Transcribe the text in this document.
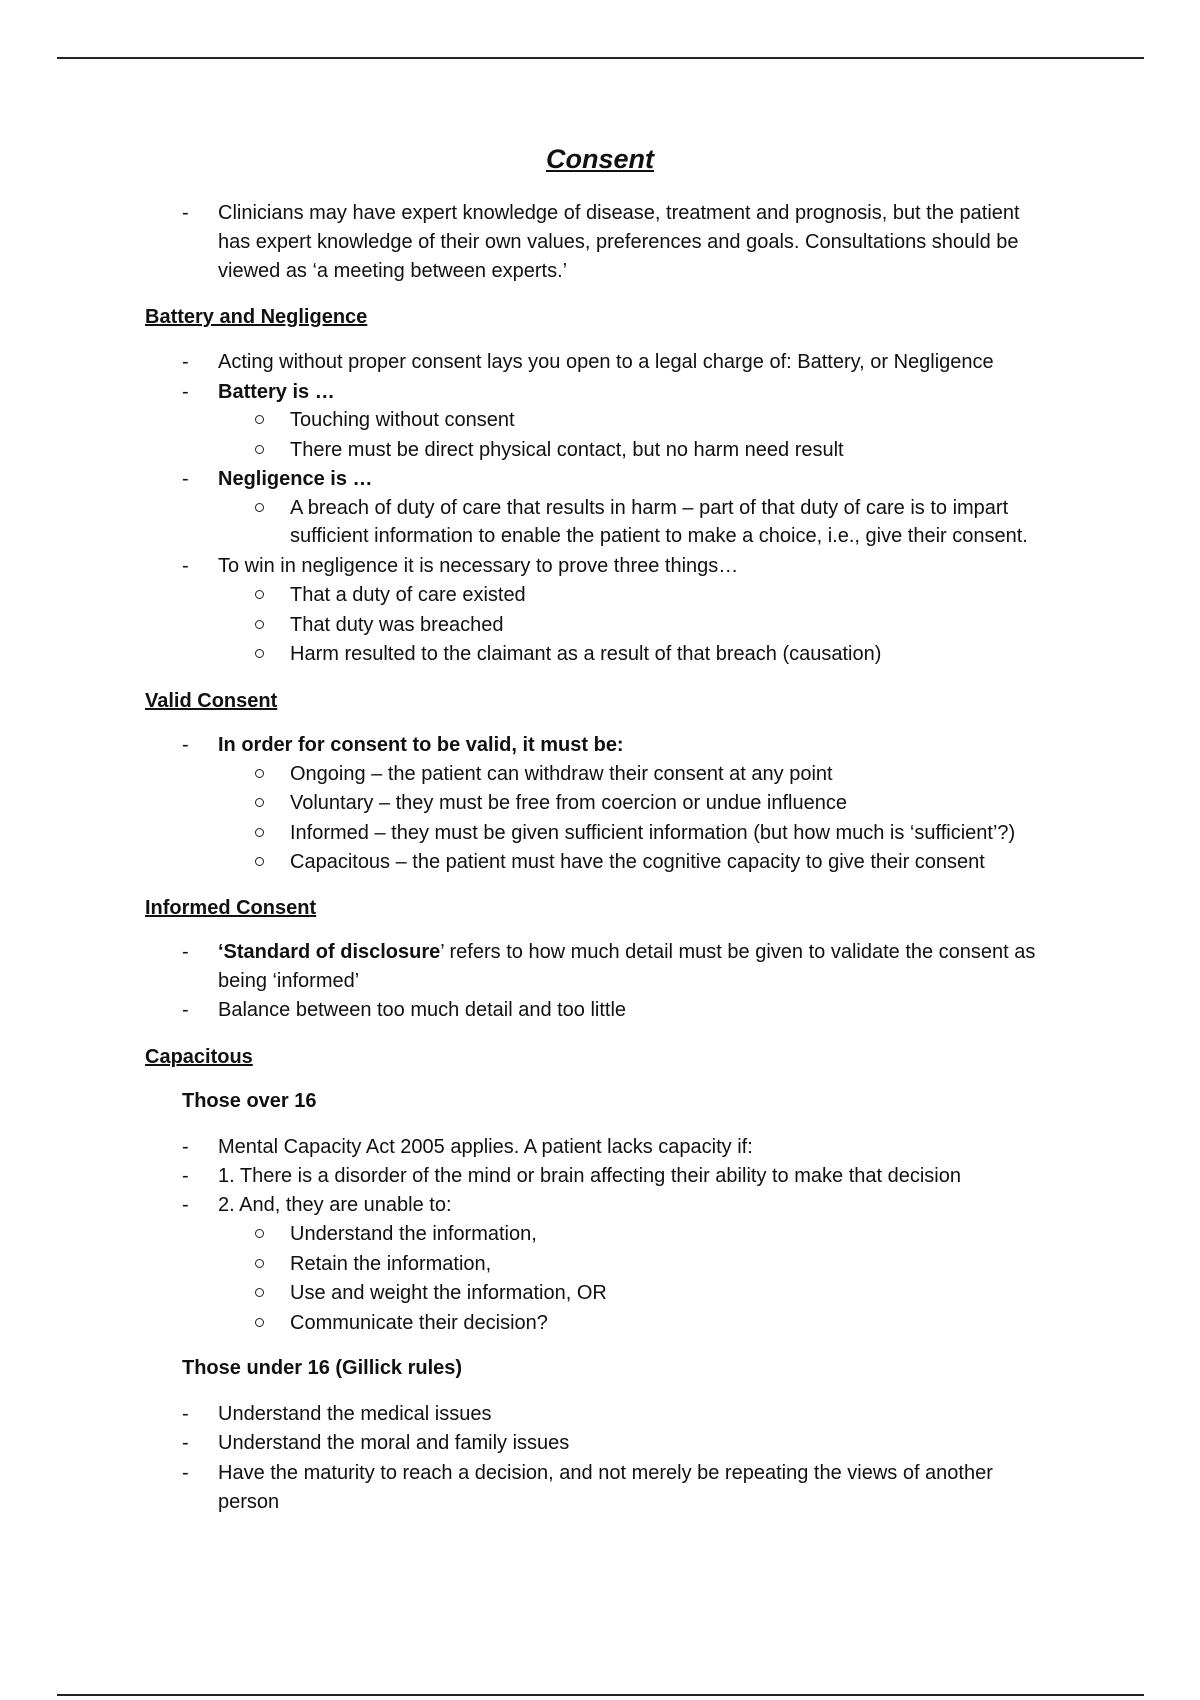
Consent
- Clinicians may have expert knowledge of disease, treatment and prognosis, but the patient

has expert knowledge of their own values, preferences and goals. Consultations should be

viewed as ‘a meeting between experts.’

Battery and Negligence
- Acting without proper consent lays you open to a legal charge of: Battery, or Negligence

- Battery is …

Touching without consent

There must be direct physical contact, but no harm need result

- Negligence is …

A breach of duty of care that results in harm – part of that duty of care is to impart

sufficient information to enable the patient to make a choice, i.e., give their consent.

- To win in negligence it is necessary to prove three things…

That a duty of care existed

That duty was breached

Harm resulted to the claimant as a result of that breach (causation)

Valid Consent
- In order for consent to be valid, it must be:

Ongoing – the patient can withdraw their consent at any point

Voluntary – they must be free from coercion or undue influence

Informed – they must be given sufficient information (but how much is ‘sufficient’?)

Capacitous – the patient must have the cognitive capacity to give their consent

Informed Consent
- ‘Standard of disclosure’ refers to how much detail must be given to validate the consent as

being ‘informed’

- Balance between too much detail and too little

Capacitous
Those over 16
- Mental Capacity Act 2005 applies. A patient lacks capacity if:

- 1. There is a disorder of the mind or brain affecting their ability to make that decision

- 2. And, they are unable to:

Understand the information,

Retain the information,

Use and weight the information, OR

Communicate their decision?

Those under 16 (Gillick rules)
- Understand the medical issues

- Understand the moral and family issues

- Have the maturity to reach a decision, and not merely be repeating the views of another

person
